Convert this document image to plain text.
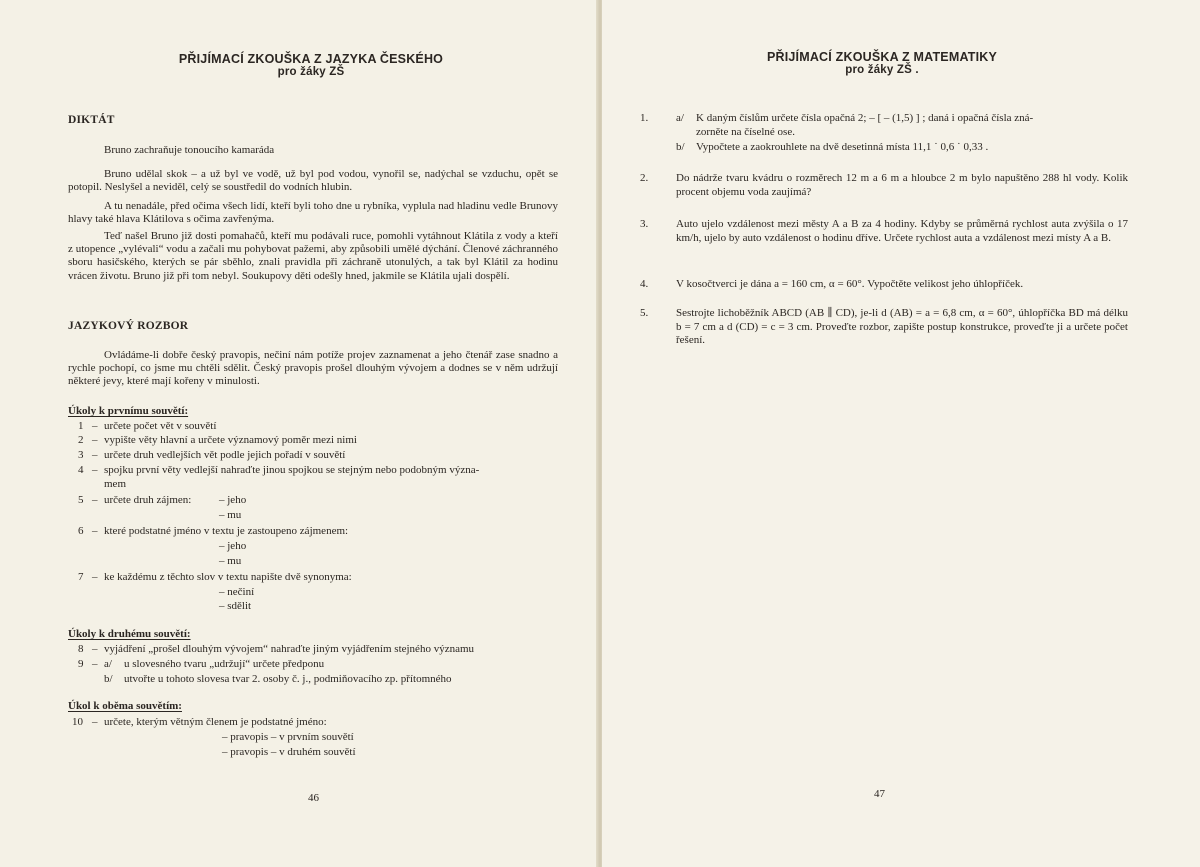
PŘIJÍMACÍ ZKOUŠKA Z JAZYKA ČESKÉHO
pro žáky ZŠ
DIKTÁT
Bruno zachraňuje tonoucího kamaráda
Bruno udělal skok – a už byl ve vodě, už byl pod vodou, vynořil se, nadýchal se vzduchu, opět se potopil. Neslyšel a neviděl, celý se soustředil do vodních hlubin.
A tu nenadále, před očima všech lidí, kteří byli toho dne u rybníka, vyplula nad hladinu vedle Brunovy hlavy také hlava Klátilova s očima zavřenýma.
Teď našel Bruno již dosti pomahačů, kteří mu podávali ruce, pomohli vytáhnout Klátila z vody a kteří z utopence „vylévali“ vodu a začali mu pohybovat pažemi, aby způsobili umělé dýchání. Členové záchranného sboru hasičského, kterých se pár sběhlo, znali pravidla při záchraně utonulých, a tak byl Klátil za hodinu vrácen životu. Bruno již při tom nebyl. Soukupovy děti odešly hned, jakmile se Klátila ujali dospělí.
JAZYKOVÝ ROZBOR
Ovládáme-li dobře český pravopis, nečiní nám potíže projev zaznamenat a jeho čtenář zase snadno a rychle pochopí, co jsme mu chtěli sdělit. Český pravopis prošel dlouhým vývojem a dodnes se v něm udržují některé jevy, které mají kořeny v minulosti.
Úkoly k prvnímu souvětí:
1 – určete počet vět v souvětí
2 – vypište věty hlavní a určete významový poměr mezi nimi
3 – určete druh vedlejších vět podle jejich pořadí v souvětí
4 – spojku první věty vedlejší nahraďte jinou spojkou se stejným nebo podobným význa-
mem
5 – určete druh zájmen:	– jeho
– mu
6 – které podstatné jméno v textu je zastoupeno zájmenem:
– jeho
– mu
7 – ke každému z těchto slov v textu napište dvě synonyma:
– nečiní
– sdělit
Úkoly k druhému souvětí:
8 – vyjádření „prošel dlouhým vývojem“ nahraďte jiným vyjádřením stejného významu
9 – a/ u slovesného tvaru „udržují“ určete předponu
b/ utvořte u tohoto slovesa tvar 2. osoby č. j., podmiňovacího zp. přítomného
Úkol k oběma souvětím:
10 – určete, kterým větným členem je podstatné jméno:
– pravopis – v prvním souvětí
– pravopis – v druhém souvětí
46
PŘIJÍMACÍ ZKOUŠKA Z MATEMATIKY
pro žáky ZŠ .
1.	a/ K daným číslům určete čísla opačná 2; – [ – (1,5) ] ; daná i opačná čísla zná-
zorněte na číselné ose.
b/ Vypočtete a zaokrouhlete na dvě desetinná místa 11,1 ˙ 0,6 ˙ 0,33 .
2.	Do nádrže tvaru kvádru o rozměrech 12 m a 6 m a hloubce 2 m bylo napuštěno 288 hl vody. Kolik procent objemu voda zaujímá?
3.	Auto ujelo vzdálenost mezi městy A a B za 4 hodiny. Kdyby se průměrná rychlost auta zvýšila o 17 km/h, ujelo by auto vzdálenost o hodinu dříve. Určete rychlost auta a vzdálenost mezi místy A a B.
4.	V kosočtverci je dána a = 160 cm, α = 60°. Vypočtěte velikost jeho úhlopříček.
5.	Sestrojte lichoběžník ABCD (AB ∥ CD), je-li d (AB) = a = 6,8 cm, α = 60°, úhlopříčka BD má délku b = 7 cm a d (CD) = c = 3 cm. Proveďte rozbor, zapište postup konstrukce, proveďte ji a určete počet řešení.
47
